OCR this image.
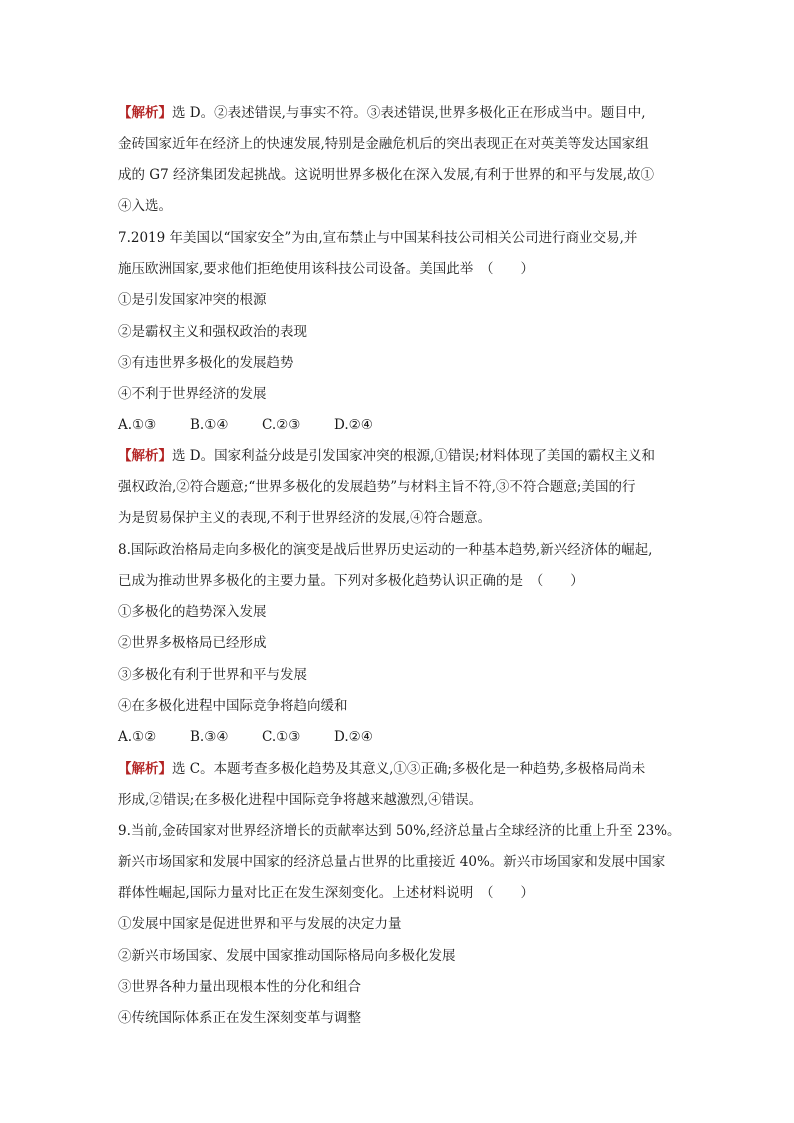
【解析】选 D。②表述错误,与事实不符。③表述错误,世界多极化正在形成当中。题目中,
金砖国家近年在经济上的快速发展,特别是金融危机后的突出表现正在对英美等发达国家组
成的 G7 经济集团发起挑战。这说明世界多极化在深入发展,有利于世界的和平与发展,故①
④入选。
7.2019 年美国以“国家安全”为由,宣布禁止与中国某科技公司相关公司进行商业交易,并
施压欧洲国家,要求他们拒绝使用该科技公司设备。美国此举　（　　）
①是引发国家冲突的根源
②是霸权主义和强权政治的表现
③有违世界多极化的发展趋势
④不利于世界经济的发展
A.①③	B.①④ C.②③ D.②④
【解析】选 D。国家利益分歧是引发国家冲突的根源,①错误;材料体现了美国的霸权主义和
强权政治,②符合题意;“世界多极化的发展趋势”与材料主旨不符,③不符合题意;美国的行
为是贸易保护主义的表现,不利于世界经济的发展,④符合题意。
8.国际政治格局走向多极化的演变是战后世界历史运动的一种基本趋势,新兴经济体的崛起,
已成为推动世界多极化的主要力量。下列对多极化趋势认识正确的是　（　　）
①多极化的趋势深入发展
②世界多极格局已经形成
③多极化有利于世界和平与发展
④在多极化进程中国际竞争将趋向缓和
A.①②	B.③④ C.①③ D.②④
【解析】选 C。本题考查多极化趋势及其意义,①③正确;多极化是一种趋势,多极格局尚未
形成,②错误;在多极化进程中国际竞争将越来越激烈,④错误。
9.当前,金砖国家对世界经济增长的贡献率达到 50%,经济总量占全球经济的比重上升至 23%。
新兴市场国家和发展中国家的经济总量占世界的比重接近 40%。新兴市场国家和发展中国家
群体性崛起,国际力量对比正在发生深刻变化。上述材料说明　（　　）
①发展中国家是促进世界和平与发展的决定力量
②新兴市场国家、发展中国家推动国际格局向多极化发展
③世界各种力量出现根本性的分化和组合
④传统国际体系正在发生深刻变革与调整
